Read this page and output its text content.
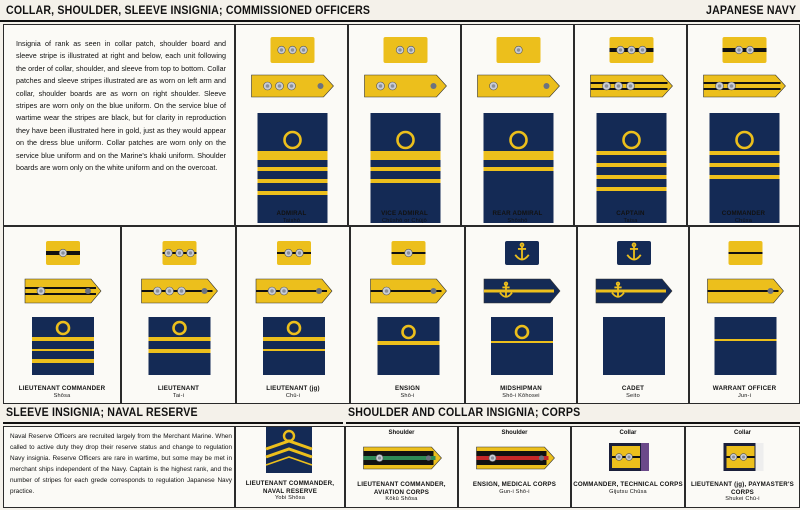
COLLAR, SHOULDER, SLEEVE INSIGNIA; COMMISSIONED OFFICERS	JAPANESE NAVY
Insignia of rank as seen in collar patch, shoulder board and sleeve stripe is illustrated at right and below, each unit following the order of collar, shoulder, and sleeve from top to bottom. Collar patches and sleeve stripes illustrated are as worn on left arm and collar, shoulder boards are as worn on right shoulder. Sleeve stripes are worn only on the blue uniform. On the service blue of wartime wear the stripes are black, but for clarity in reproduction they have been illustrated here in gold, just as they would appear on the dress blue uniform. Collar patches are worn only on the service blue uniform and on the Marine's khaki uniform. Shoulder boards are worn only on the white uniform and on the overcoat.
ADMIRAL
Taishō
VICE ADMIRAL
Chūshō or Chūjō
REAR ADMIRAL
Shōshō
CAPTAIN
Taisa
COMMANDER
Chūsa
LIEUTENANT COMMANDER
Shōsa
LIEUTENANT
Tai-i
LIEUTENANT (jg)
Chū-i
ENSIGN
Shō-i
MIDSHIPMAN
Shō-i Kōhosei
CADET
Seito
WARRANT OFFICER
Jun-i
SLEEVE INSIGNIA; NAVAL RESERVE	SHOULDER AND COLLAR INSIGNIA; CORPS
Naval Reserve Officers are recruited largely from the Merchant Marine. When called to active duty they drop their reserve status and change to regulation Navy insignia. Reserve Officers are rare in wartime, but some may be met in merchant ships independent of the Navy. Captain is the highest rank, and the number of stripes for each grede corresponds to regulation Japanese Navy practice.
LIEUTENANT COMMANDER,
NAVAL RESERVE
Yobi Shōsa
Shoulder
LIEUTENANT COMMANDER,
AVIATION CORPS
Kōkū Shōsa
Shoulder
ENSIGN, MEDICAL CORPS
Gun-i Shō-i
Collar
COMMANDER, TECHNICAL CORPS
Gijutsu Chūsa
Collar
LIEUTENANT (jg), PAYMASTER'S CORPS
Shukei Chū-i
